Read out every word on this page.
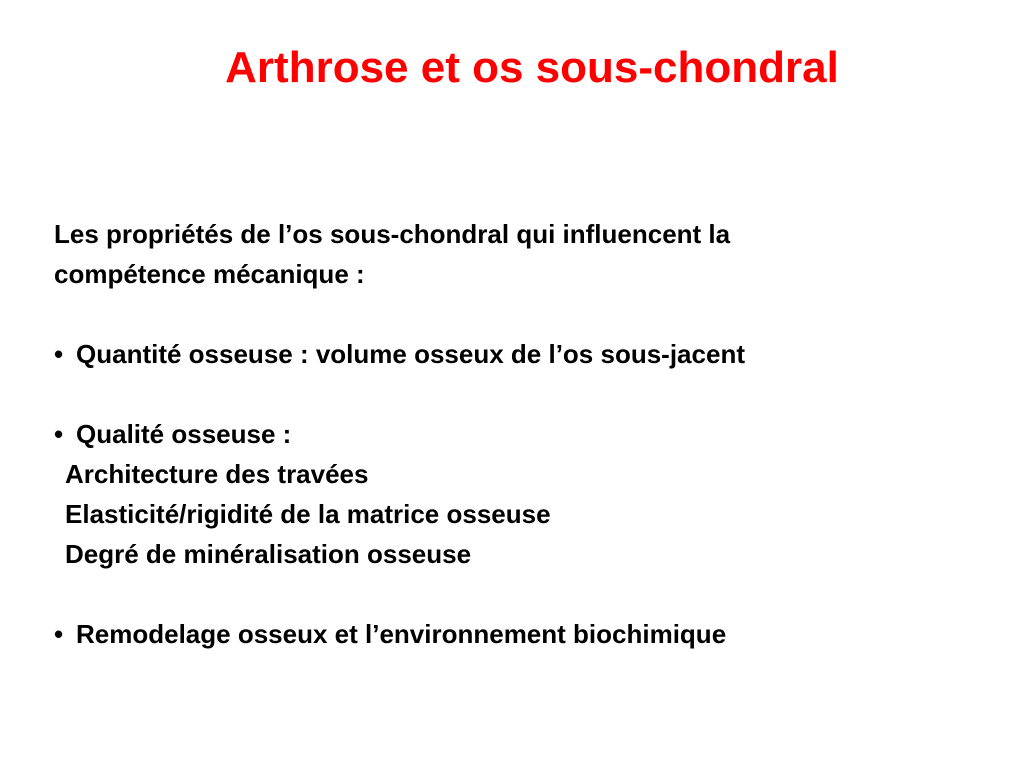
Arthrose et os sous-chondral
Les propriétés de l’os sous-chondral qui influencent la
compétence mécanique :
• Quantité osseuse : volume osseux de l’os sous-jacent
• Qualité osseuse :
Architecture des travées
Elasticité/rigidité de la matrice osseuse
Degré de minéralisation osseuse
• Remodelage osseux et l’environnement biochimique
